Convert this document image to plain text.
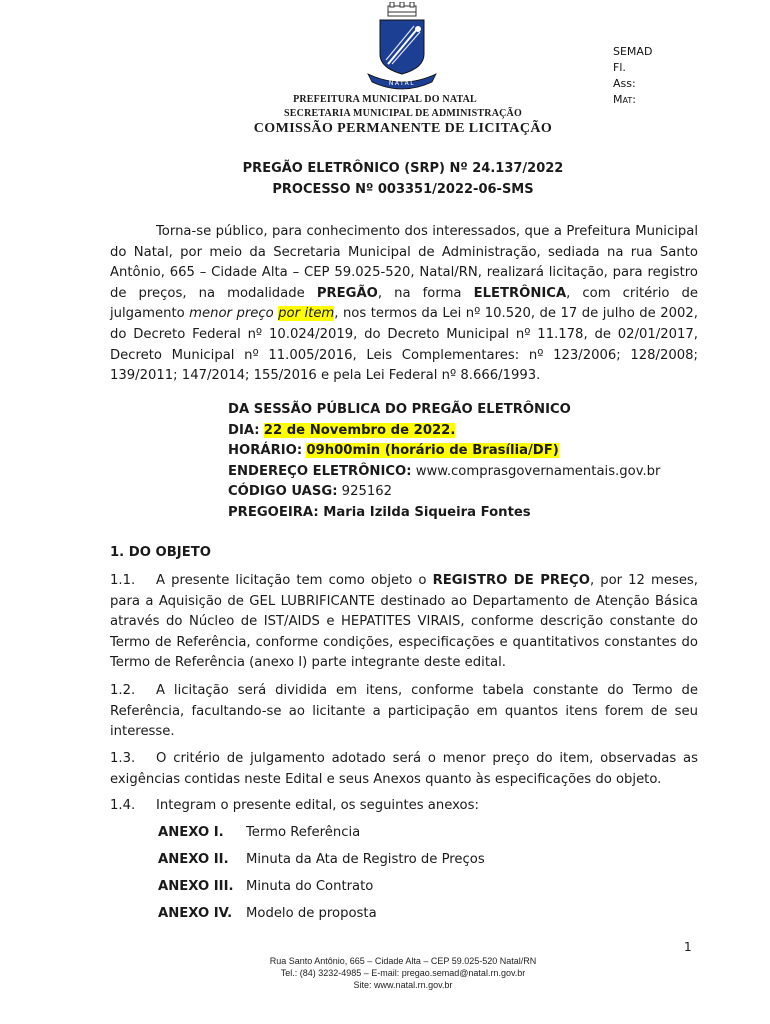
NATAL
SEMAD
Fl.
Ass:
Mat:
PREFEITURA MUNICIPAL DO NATAL
SECRETARIA MUNICIPAL DE ADMINISTRAÇÃO
COMISSÃO PERMANENTE DE LICITAÇÃO
PREGÃO ELETRÔNICO (SRP) Nº 24.137/2022
PROCESSO Nº 003351/2022-06-SMS
Torna-se público, para conhecimento dos interessados, que a Prefeitura Municipal do Natal, por meio da Secretaria Municipal de Administração, sediada na rua Santo Antônio, 665 – Cidade Alta – CEP 59.025-520, Natal/RN, realizará licitação, para registro de preços, na modalidade PREGÃO, na forma ELETRÔNICA, com critério de julgamento menor preço por item, nos termos da Lei nº 10.520, de 17 de julho de 2002, do Decreto Federal nº 10.024/2019, do Decreto Municipal nº 11.178, de 02/01/2017, Decreto Municipal nº 11.005/2016, Leis Complementares: nº 123/2006; 128/2008; 139/2011; 147/2014; 155/2016 e pela Lei Federal nº 8.666/1993.
DA SESSÃO PÚBLICA DO PREGÃO ELETRÔNICO
DIA: 22 de Novembro de 2022.
HORÁRIO: 09h00min (horário de Brasília/DF)
ENDEREÇO ELETRÔNICO: www.comprasgovernamentais.gov.br
CÓDIGO UASG: 925162
PREGOEIRA: Maria Izilda Siqueira Fontes
1. DO OBJETO
1.1. A presente licitação tem como objeto o REGISTRO DE PREÇO, por 12 meses, para a Aquisição de GEL LUBRIFICANTE destinado ao Departamento de Atenção Básica através do Núcleo de IST/AIDS e HEPATITES VIRAIS, conforme descrição constante do Termo de Referência, conforme condições, especificações e quantitativos constantes do Termo de Referência (anexo I) parte integrante deste edital.
1.2. A licitação será dividida em itens, conforme tabela constante do Termo de Referência, facultando-se ao licitante a participação em quantos itens forem de seu interesse.
1.3. O critério de julgamento adotado será o menor preço do item, observadas as exigências contidas neste Edital e seus Anexos quanto às especificações do objeto.
1.4. Integram o presente edital, os seguintes anexos:
ANEXO I. Termo Referência
ANEXO II. Minuta da Ata de Registro de Preços
ANEXO III. Minuta do Contrato
ANEXO IV. Modelo de proposta
1
Rua Santo Antônio, 665 – Cidade Alta – CEP 59.025-520 Natal/RN
Tel.: (84) 3232-4985 – E-mail: pregao.semad@natal.rn.gov.br
Site: www.natal.rn.gov.br
